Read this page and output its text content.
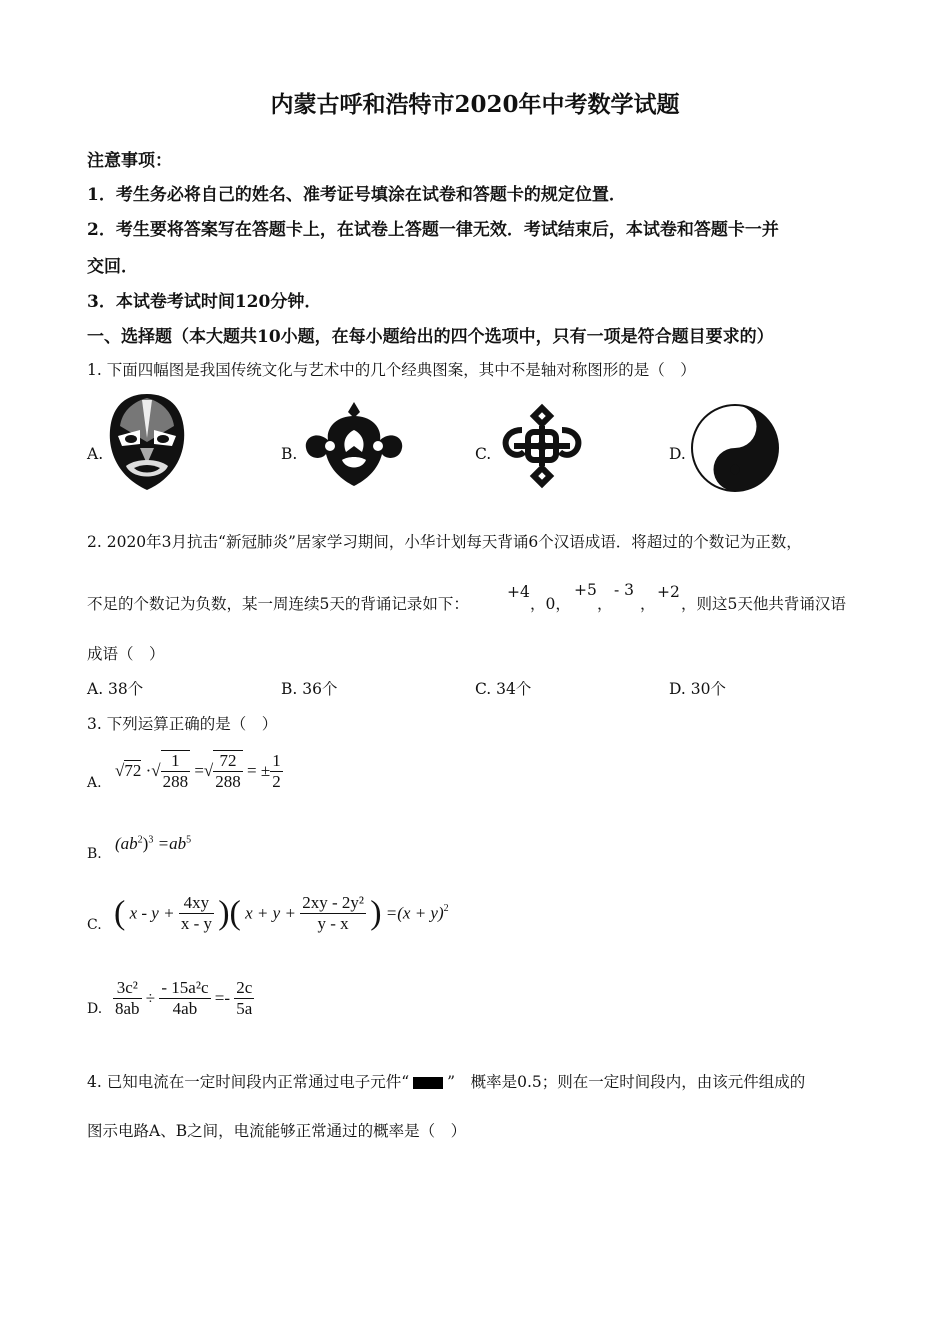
内蒙古呼和浩特市2020年中考数学试题
注意事项：
1．考生务必将自己的姓名、准考证号填涂在试卷和答题卡的规定位置．
2．考生要将答案写在答题卡上，在试卷上答题一律无效．考试结束后，本试卷和答题卡一并
交回．
3．本试卷考试时间120分钟．
一、选择题（本大题共10小题，在每小题给出的四个选项中，只有一项是符合题目要求的）
1. 下面四幅图是我国传统文化与艺术中的几个经典图案，其中不是轴对称图形的是（　）
A.	B.	C.	D.
2. 2020年3月抗击“新冠肺炎”居家学习期间，小华计划每天背诵6个汉语成语．将超过的个数记为正数，
不足的个数记为负数，某一周连续5天的背诵记录如下：
+4
，0，
+5
，
- 3
，
+2
，则这5天他共背诵汉语
成语（　）
A. 38个	B. 36个	C. 34个	D. 30个
3. 下列运算正确的是（　）
A.
√72 ·√ $\frac{1}{288}$ =√ $\frac{72}{288}$ = ± $\frac{1}{2}$
B.
$(ab^2)^3 =ab^5$
C. ( $x - y + \frac{4xy}{x - y}$ )( $x + y + \frac{\text{2xy - 2y²}}{y - x}$ ) $=(x + y)^2$
D. $\frac{\text{3c²}}{8ab} \div \frac{\text{- 15a²c}}{4ab} =- \frac{2c}{5a}$
4. 已知电流在一定时间段内正常通过电子元件“ ”　概率是0.5；则在一定时间段内，由该元件组成的
图示电路A、B之间，电流能够正常通过的概率是（　）
